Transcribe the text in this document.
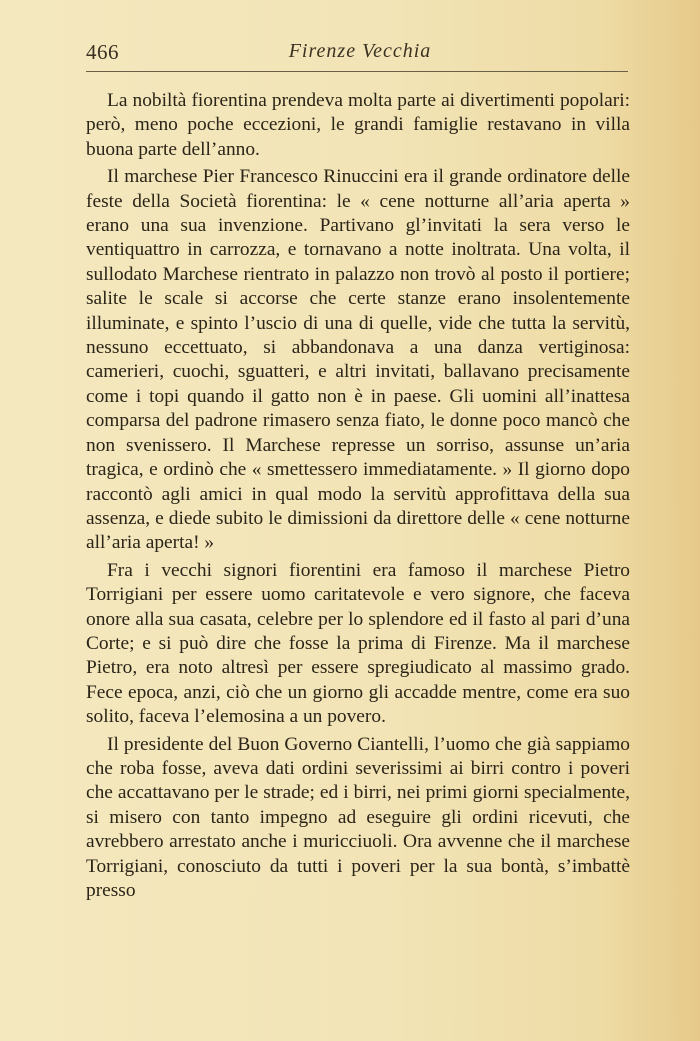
466	Firenze Vecchia

La nobiltà fiorentina prendeva molta parte ai divertimenti popolari: però, meno poche eccezioni, le grandi famiglie restavano in villa buona parte dell’anno.

Il marchese Pier Francesco Rinuccini era il grande ordinatore delle feste della Società fiorentina: le « cene notturne all’aria aperta » erano una sua invenzione. Partivano gl’invitati la sera verso le ventiquattro in carrozza, e tornavano a notte inoltrata. Una volta, il sullodato Marchese rientrato in palazzo non trovò al posto il portiere; salite le scale si accorse che certe stanze erano insolentemente illuminate, e spinto l’uscio di una di quelle, vide che tutta la servitù, nessuno eccettuato, si abbandonava a una danza vertiginosa: camerieri, cuochi, sguatteri, e altri invitati, ballavano precisamente come i topi quando il gatto non è in paese. Gli uomini all’inattesa comparsa del padrone rimasero senza fiato, le donne poco mancò che non svenissero. Il Marchese represse un sorriso, assunse un’aria tragica, e ordinò che « smettessero immediatamente. » Il giorno dopo raccontò agli amici in qual modo la servitù approfittava della sua assenza, e diede subito le dimissioni da direttore delle « cene notturne all’aria aperta! »

Fra i vecchi signori fiorentini era famoso il marchese Pietro Torrigiani per essere uomo caritatevole e vero signore, che faceva onore alla sua casata, celebre per lo splendore ed il fasto al pari d’una Corte; e si può dire che fosse la prima di Firenze. Ma il marchese Pietro, era noto altresì per essere spregiudicato al massimo grado. Fece epoca, anzi, ciò che un giorno gli accadde mentre, come era suo solito, faceva l’elemosina a un povero.

Il presidente del Buon Governo Ciantelli, l’uomo che già sappiamo che roba fosse, aveva dati ordini severissimi ai birri contro i poveri che accattavano per le strade; ed i birri, nei primi giorni specialmente, si misero con tanto impegno ad eseguire gli ordini ricevuti, che avrebbero arrestato anche i muricciuoli. Ora avvenne che il marchese Torrigiani, conosciuto da tutti i poveri per la sua bontà, s’imbattè presso
